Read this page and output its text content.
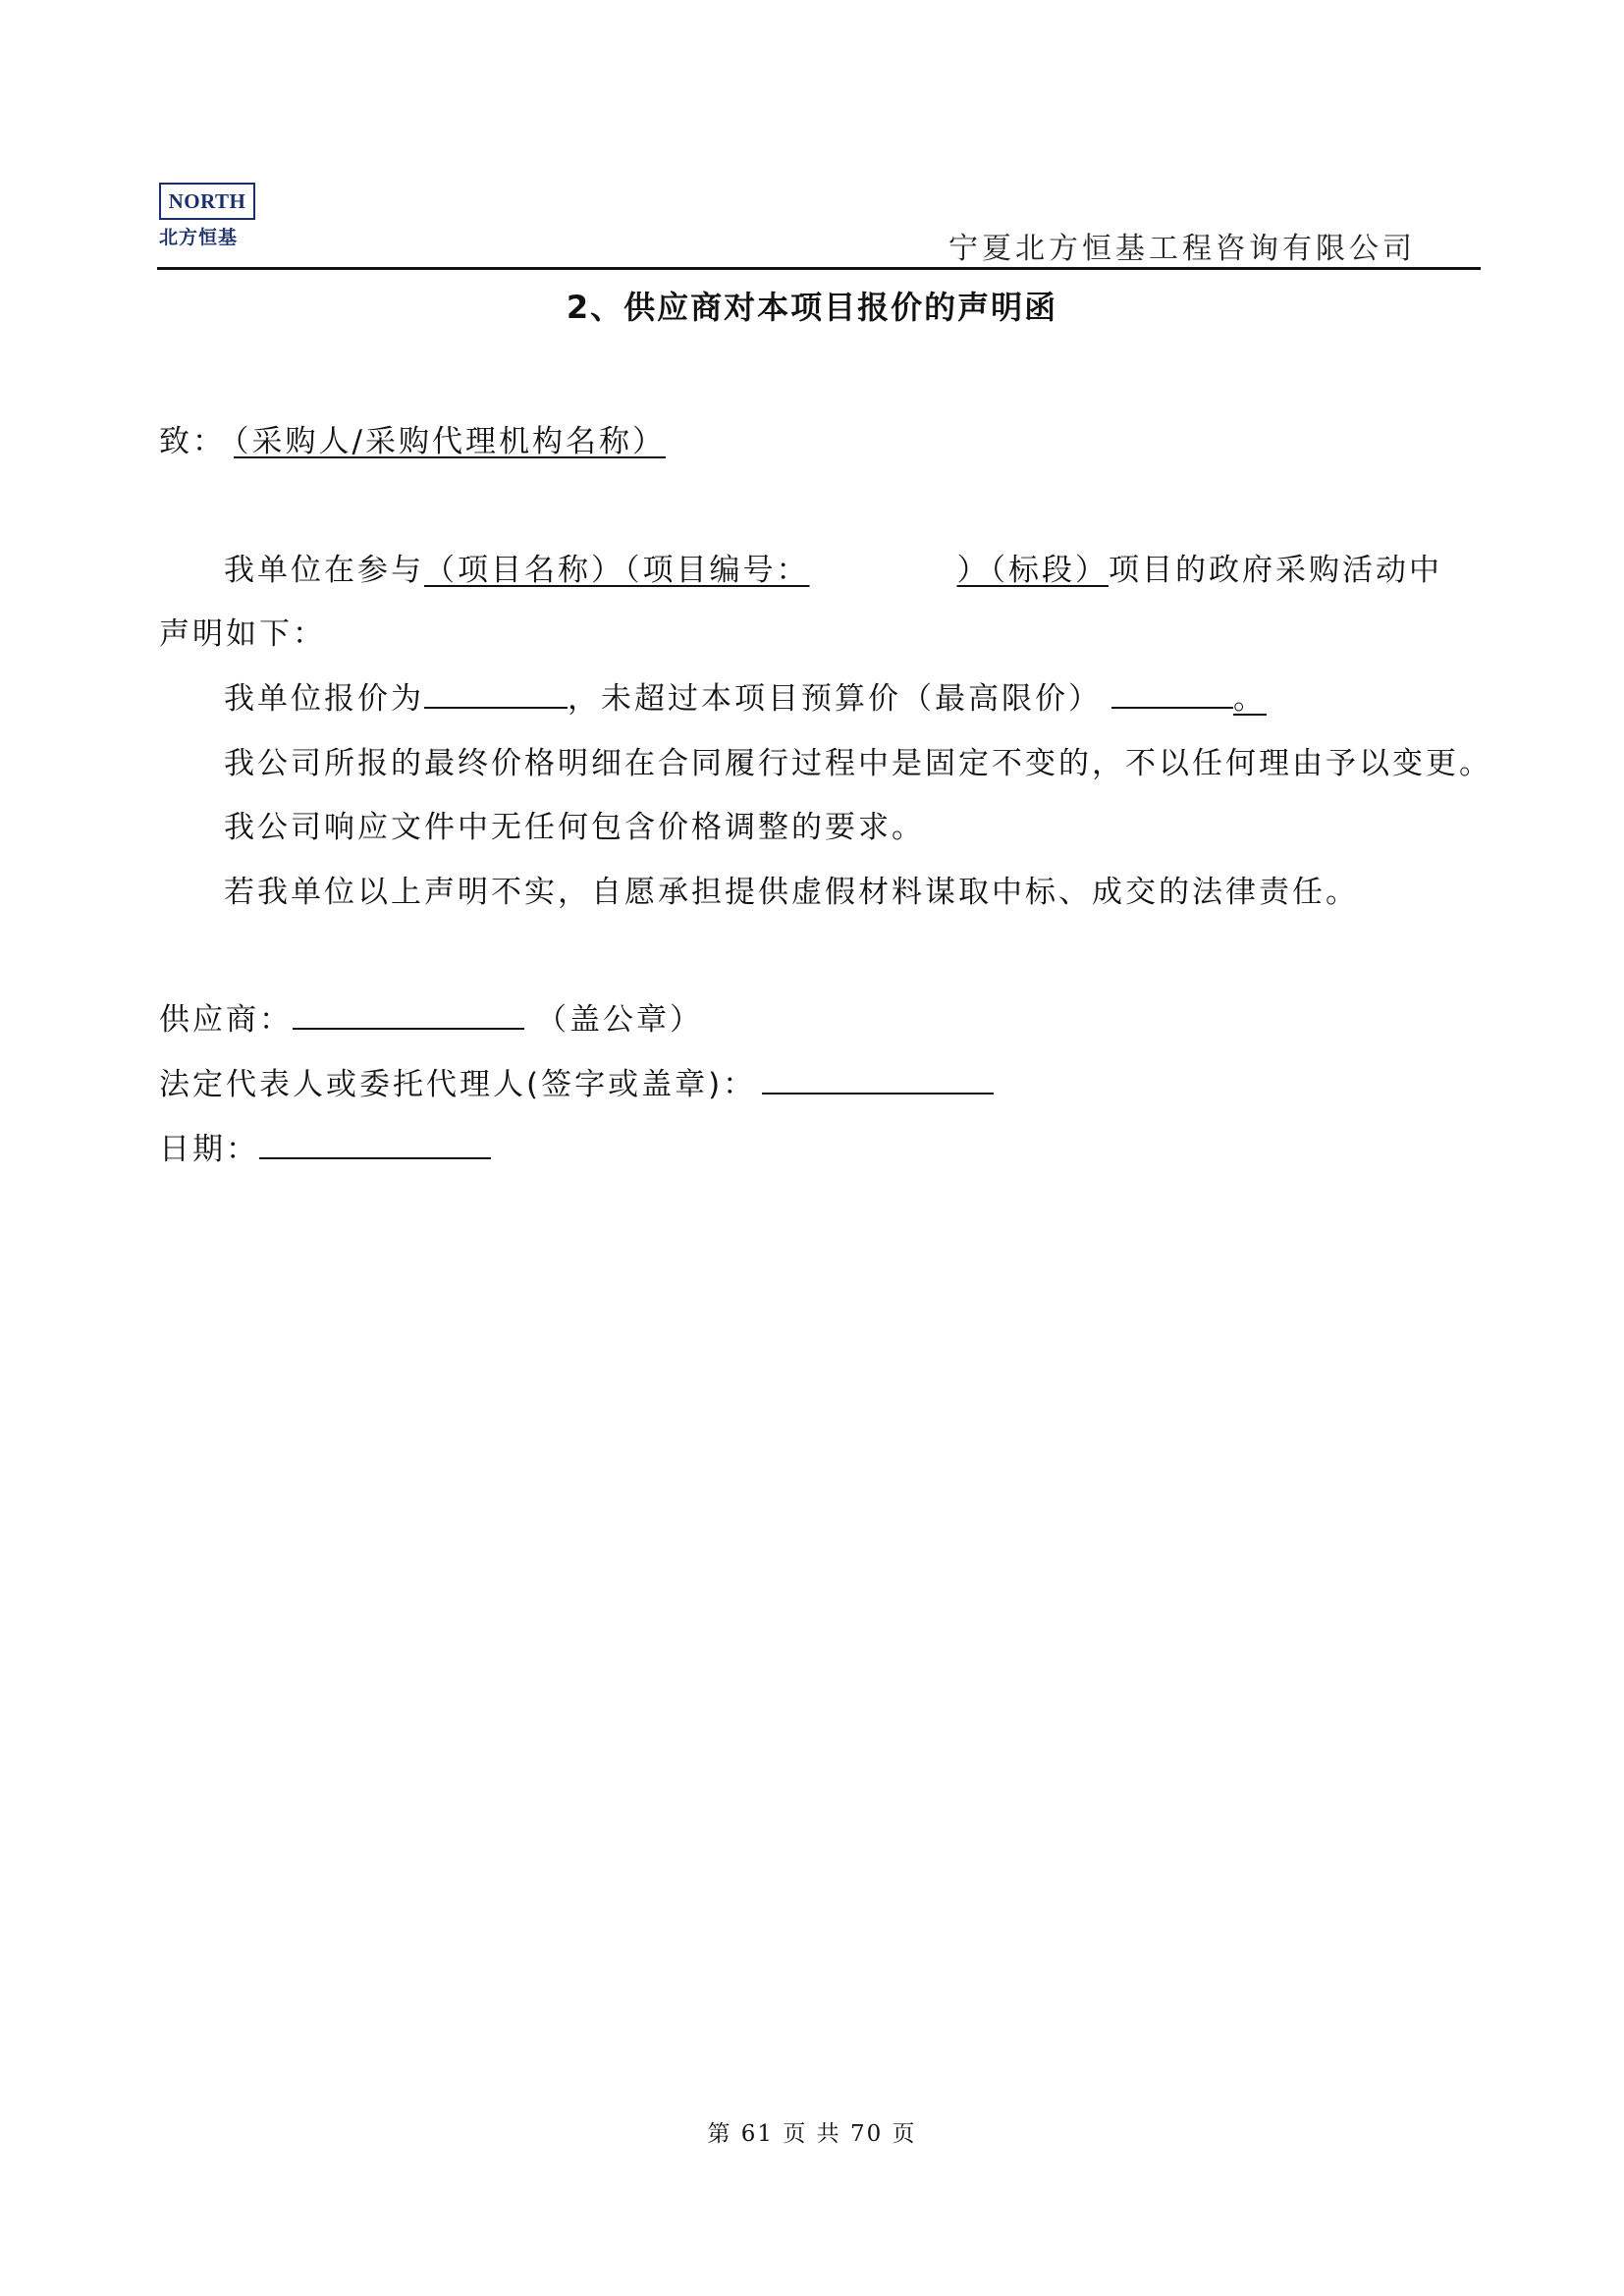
NORTH
北方恒基	宁夏北方恒基工程咨询有限公司
2、供应商对本项目报价的声明函
致： （采购人/采购代理机构名称）
我单位在参与（项目名称）（项目编号：	）（标段）项目的政府采购活动中
声明如下：
我单位报价为	，未超过本项目预算价（最高限价）	。
我公司所报的最终价格明细在合同履行过程中是固定不变的，不以任何理由予以变更。
我公司响应文件中无任何包含价格调整的要求。
若我单位以上声明不实，自愿承担提供虚假材料谋取中标、成交的法律责任。
供应商：	（盖公章）
法定代表人或委托代理人(签字或盖章)：
日期：
第 61 页 共 70 页
